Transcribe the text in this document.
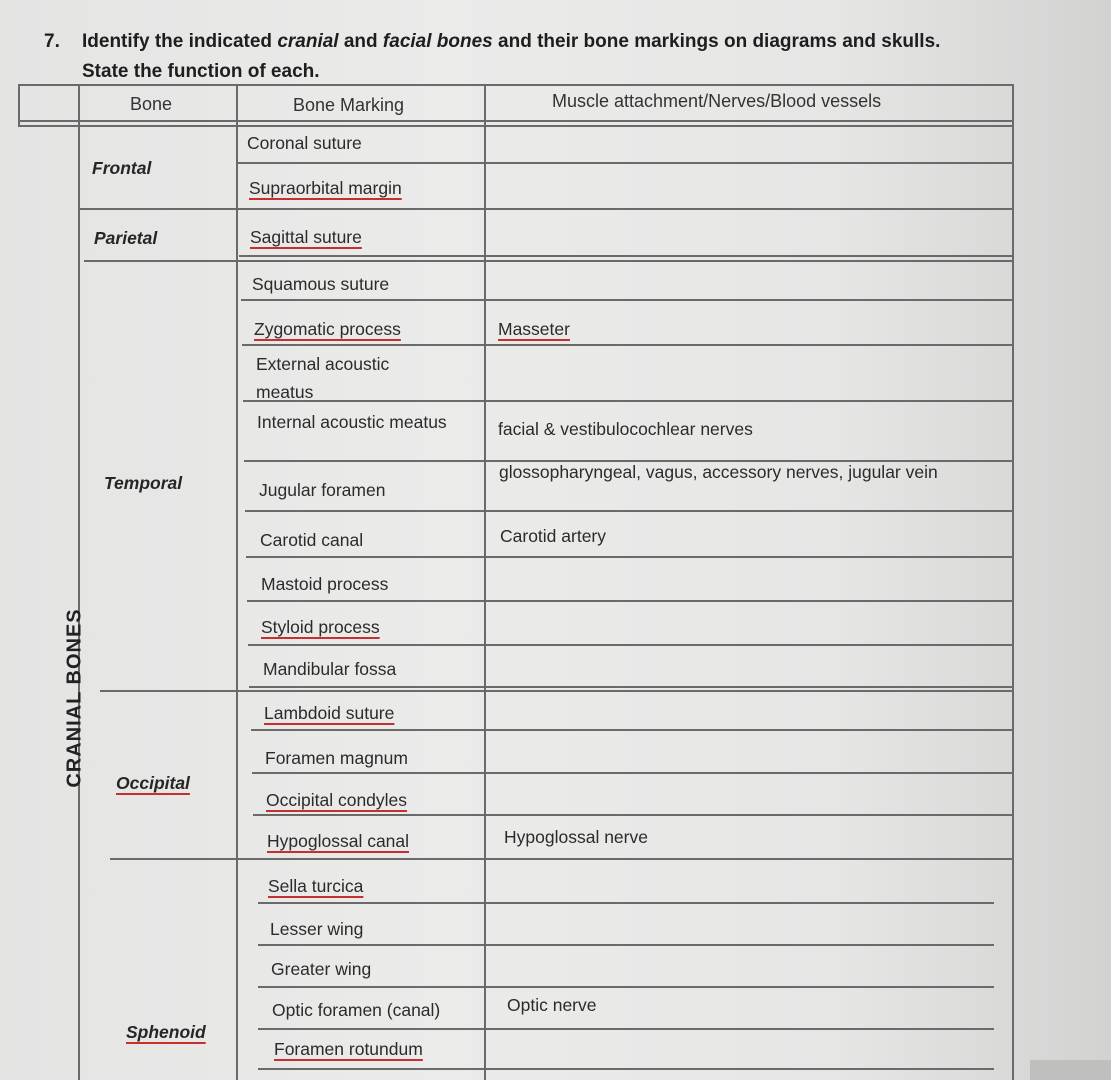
7. Identify the indicated cranial and facial bones and their bone markings on diagrams and skulls.
State the function of each.
Bone	Bone Marking	Muscle attachment/Nerves/Blood vessels
Frontal
Parietal
Temporal
Occipital
Sphenoid
Coronal suture
Supraorbital margin
Sagittal suture
Squamous suture
Zygomatic process
External acoustic meatus
Internal acoustic meatus
Jugular foramen
Carotid canal
Mastoid process
Styloid process
Mandibular fossa
Lambdoid suture
Foramen magnum
Occipital condyles
Hypoglossal canal
Sella turcica
Lesser wing
Greater wing
Optic foramen (canal)
Foramen rotundum
Masseter
facial & vestibulocochlear nerves
glossopharyngeal, vagus, accessory nerves, jugular vein
Carotid artery
Hypoglossal nerve
Optic nerve
CRANIAL BONES
